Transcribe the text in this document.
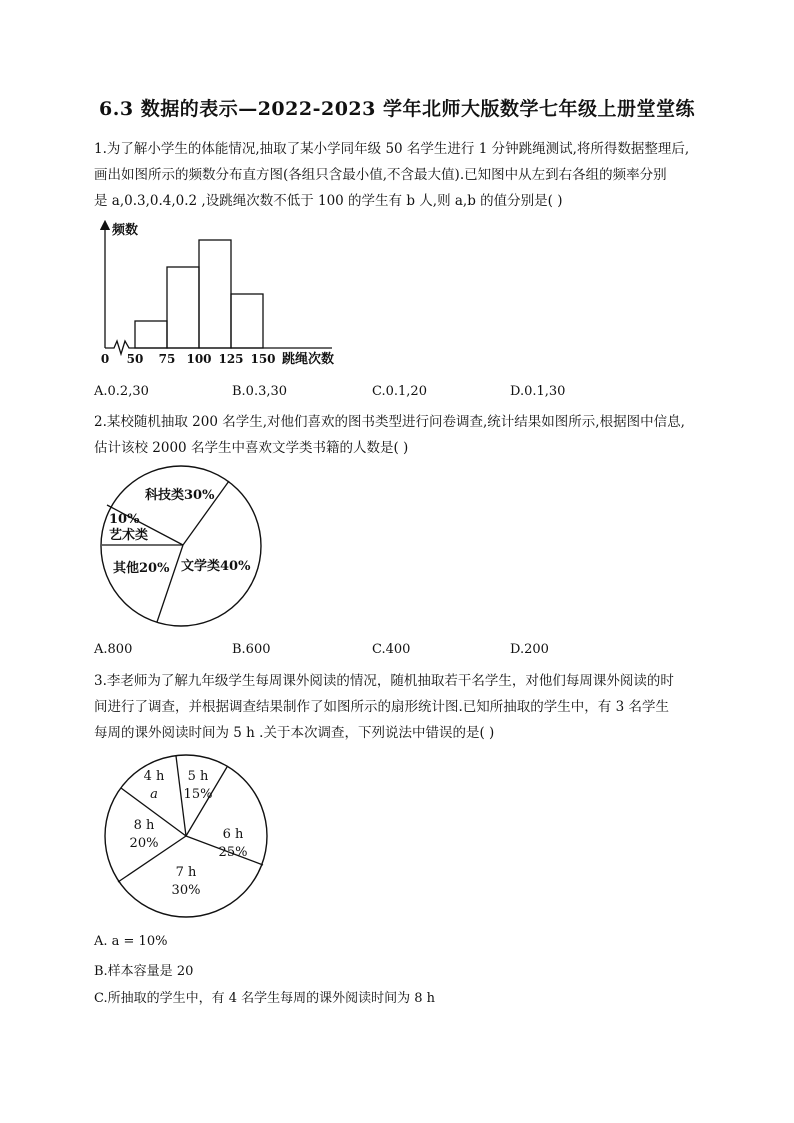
6.3 数据的表示—2022-2023 学年北师大版数学七年级上册堂堂练
1.为了解小学生的体能情况,抽取了某小学同年级 50 名学生进行 1 分钟跳绳测试,将所得数据整理后,
画出如图所示的频数分布直方图(各组只含最小值,不含最大值).已知图中从左到右各组的频率分别
是 a,0.3,0.4,0.2 ,设跳绳次数不低于 100 的学生有 b 人,则 a,b 的值分别是( )
频数
跳绳次数
0 50 75 100 125 150
A.0.2,30	B.0.3,30	C.0.1,20	D.0.1,30
2.某校随机抽取 200 名学生,对他们喜欢的图书类型进行问卷调查,统计结果如图所示,根据图中信息,
估计该校 2000 名学生中喜欢文学类书籍的人数是( )
科技类30%
文学类40%
其他20%
10% 艺术类
A.800	B.600	C.400	D.200
3.李老师为了解九年级学生每周课外阅读的情况，随机抽取若干名学生，对他们每周课外阅读的时
间进行了调查，并根据调查结果制作了如图所示的扇形统计图.已知所抽取的学生中，有 3 名学生
每周的课外阅读时间为 5 h .关于本次调查，下列说法中错误的是( )
5 h 15%
6 h 25%
7 h 30%
8 h 20%
4 h a
A. a = 10%
B.样本容量是 20
C.所抽取的学生中，有 4 名学生每周的课外阅读时间为 8 h
